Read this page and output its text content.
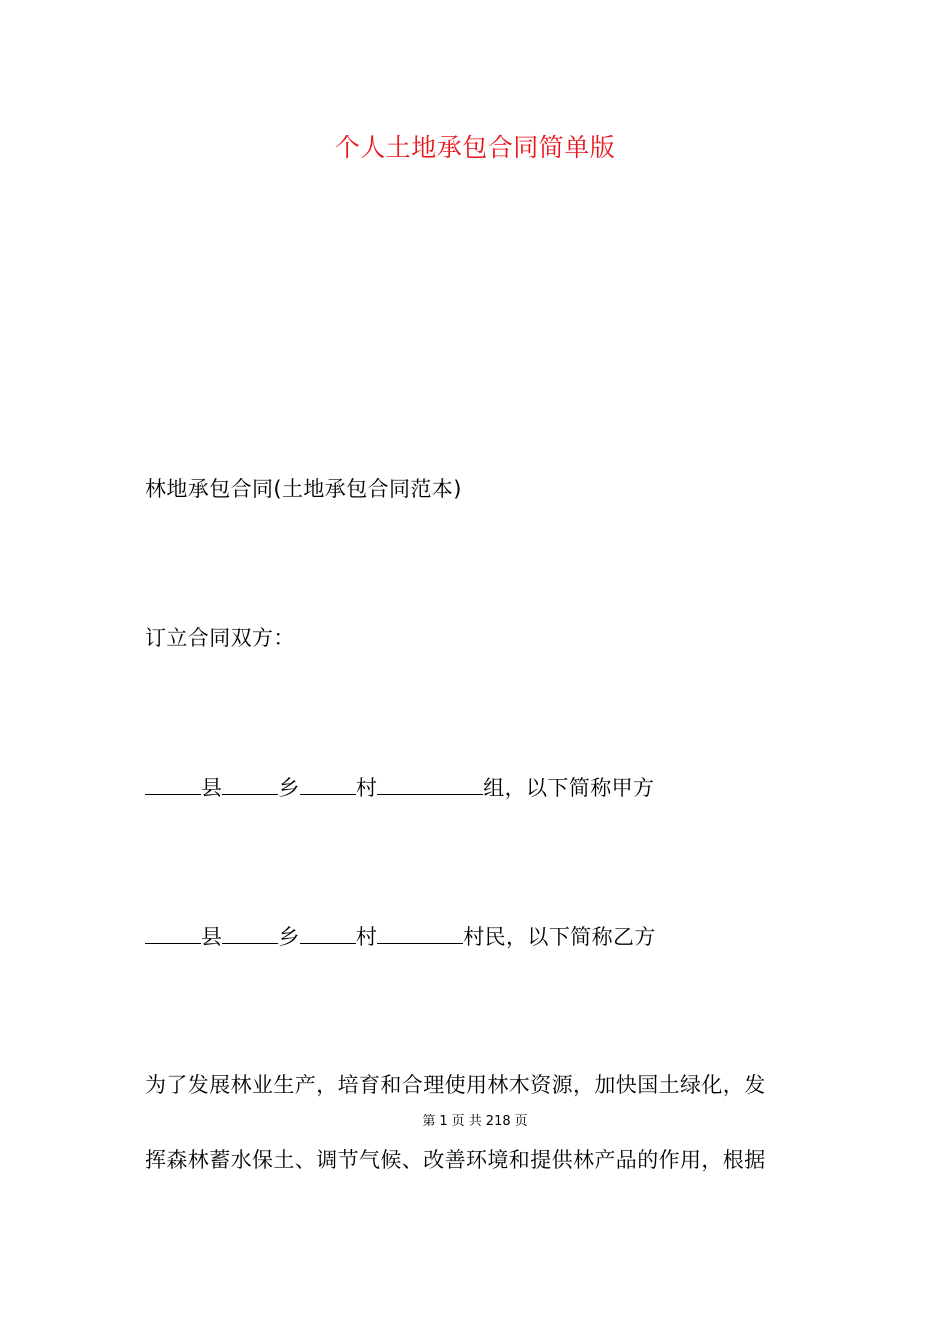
个人土地承包合同简单版
林地承包合同(土地承包合同范本)
订立合同双方：
县	乡	村	组，以下简称甲方
县	乡	村	村民，以下简称乙方
为了发展林业生产，培育和合理使用林木资源，加快国土绿化，发
第 1 页 共 218 页
挥森林蓄水保土、调节气候、改善环境和提供林产品的作用，根据
